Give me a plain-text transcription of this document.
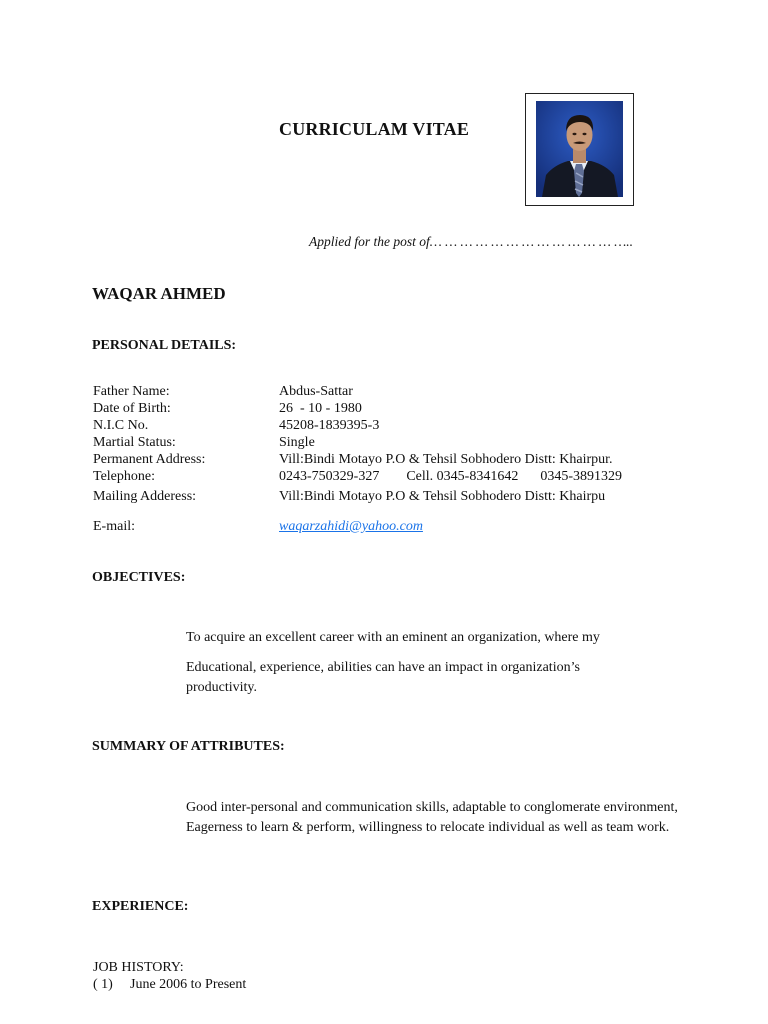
CURRICULAM VITAE
Applied for the post of… … … … … … … … … … … … …..
WAQAR AHMED
PERSONAL DETAILS:
Father Name:	Abdus-Sattar
Date of Birth:	26  - 10 - 1980
N.I.C No.	45208-1839395-3
Martial Status:	Single
Permanent Address:	Vill:Bindi Motayo P.O & Tehsil Sobhodero Distt: Khairpur.
Telephone:	0243-750329-327 Cell. 0345-8341642 0345-3891329
Mailing Adderess:	Vill:Bindi Motayo P.O & Tehsil Sobhodero Distt: Khairpu
E-mail:	waqarzahidi@yahoo.com
OBJECTIVES:
To acquire an excellent career with an eminent an organization, where my
Educational, experience, abilities can have an impact in organization’s productivity.
SUMMARY OF ATTRIBUTES:
Good inter-personal and communication skills, adaptable to conglomerate environment, Eagerness to learn & perform, willingness to relocate individual as well as team work.
EXPERIENCE:
JOB HISTORY:
( 1) June 2006 to Present
